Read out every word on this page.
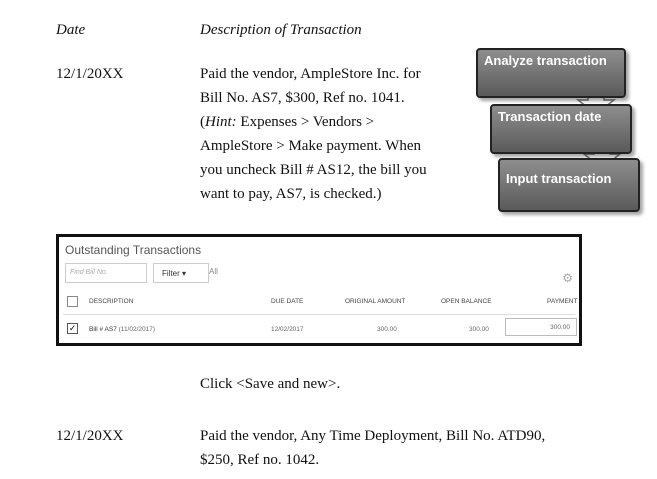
Date	Description of Transaction
12/1/20XX	Paid the vendor, AmpleStore Inc. for
Bill No. AS7, $300, Ref no. 1041.
(Hint: Expenses > Vendors >
AmpleStore > Make payment. When
you uncheck Bill # AS12, the bill you
want to pay, AS7, is checked.)
Analyze transaction
Transaction date
Input transaction
Outstanding Transactions
Find Bill No.	Filter ▾	All	⚙
DESCRIPTION	DUE DATE	ORIGINAL AMOUNT	OPEN BALANCE	PAYMENT
✓ Bill # AS7 (11/02/2017)	12/02/2017	300.00	300.00	300.00
Click <Save and new>.
12/1/20XX	Paid the vendor, Any Time Deployment, Bill No. ATD90,
$250, Ref no. 1042.
